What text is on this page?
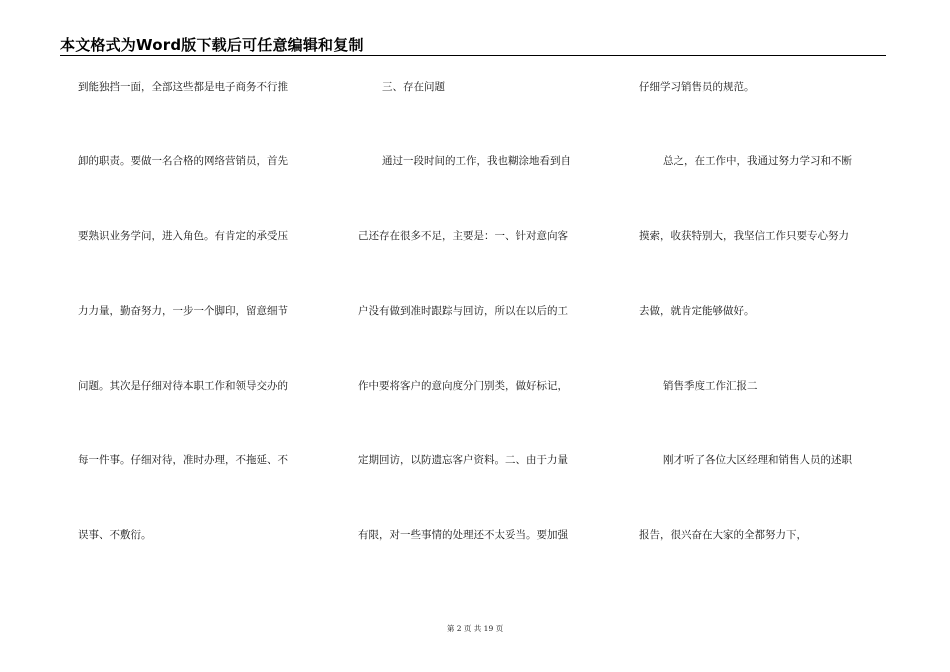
本文格式为Word版下载后可任意编辑和复制
到能独挡一面，全部这些都是电子商务不行推
卸的职责。要做一名合格的网络营销员，首先
要熟识业务学问，进入角色。有肯定的承受压
力力量，勤奋努力，一步一个脚印，留意细节
问题。其次是仔细对待本职工作和领导交办的
每一件事。仔细对待，准时办理，不拖延、不
误事、不敷衍。
三、存在问题
通过一段时间的工作，我也糊涂地看到自
己还存在很多不足，主要是：一、针对意向客
户没有做到准时跟踪与回访，所以在以后的工
作中要将客户的意向度分门别类，做好标记，
定期回访，以防遗忘客户资料。二、由于力量
有限，对一些事情的处理还不太妥当。要加强
仔细学习销售员的规范。
总之，在工作中，我通过努力学习和不断
摸索，收获特别大，我坚信工作只要专心努力
去做，就肯定能够做好。
销售季度工作汇报二
刚才听了各位大区经理和销售人员的述职
报告，很兴奋在大家的全都努力下，
第 2 页 共 19 页
